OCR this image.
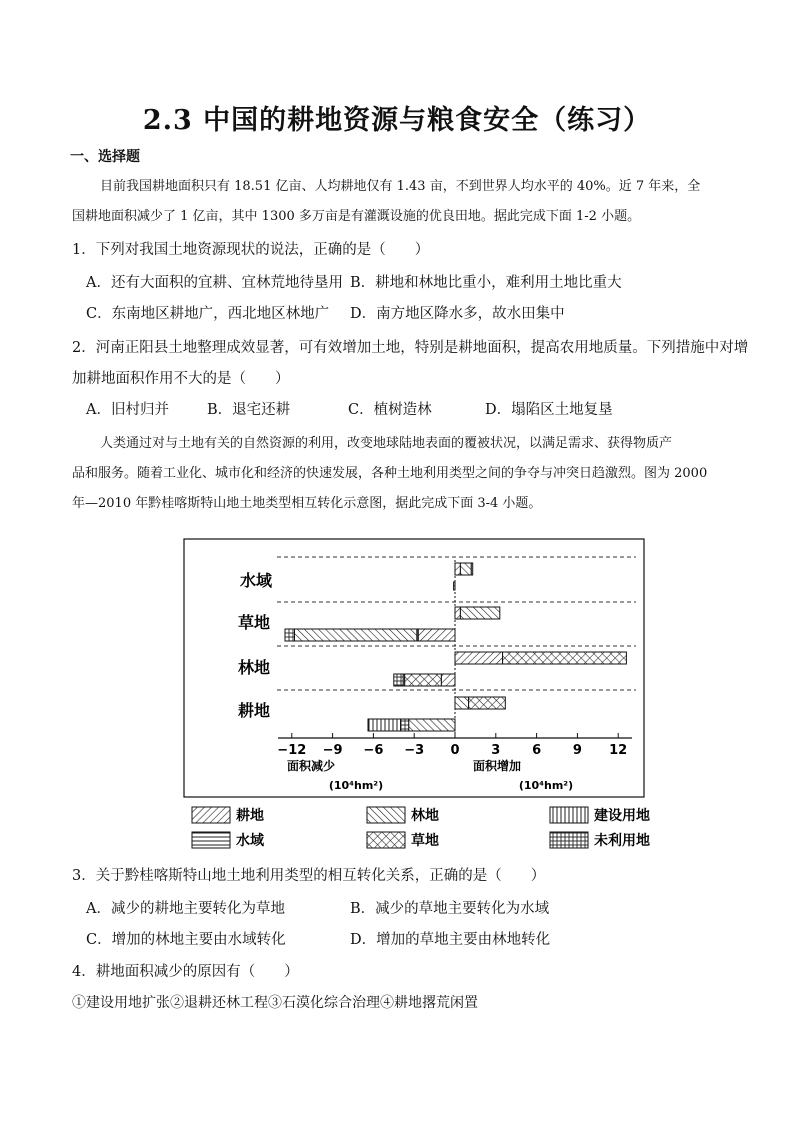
2.3 中国的耕地资源与粮食安全（练习）
一、选择题
目前我国耕地面积只有 18.51 亿亩、人均耕地仅有 1.43 亩，不到世界人均水平的 40%。近 7 年来，全
国耕地面积减少了 1 亿亩，其中 1300 多万亩是有灌溉设施的优良田地。据此完成下面 1-2 小题。
1．下列对我国土地资源现状的说法，正确的是（　　）
A．还有大面积的宜耕、宜林荒地待垦用 B．耕地和林地比重小，难利用土地比重大
C．东南地区耕地广，西北地区林地广 D．南方地区降水多，故水田集中
2．河南正阳县土地整理成效显著，可有效增加土地，特别是耕地面积，提高农用地质量。下列措施中对增
加耕地面积作用不大的是（　　）
A．旧村归并	B．退宅还耕	C．植树造林	D．塌陷区土地复垦
人类通过对与土地有关的自然资源的利用，改变地球陆地表面的覆被状况，以满足需求、获得物质产
品和服务。随着工业化、城市化和经济的快速发展，各种土地利用类型之间的争夺与冲突日趋激烈。图为 2000
年—2010 年黔桂喀斯特山地土地类型相互转化示意图，据此完成下面 3-4 小题。
水域
草地
林地
耕地
−12 −9 −6 −3 0 3 6 9 12
面积减少	面积增加
(10⁴hm²)	(10⁴hm²)
耕地	林地	建设用地
水域	草地	未利用地
3．关于黔桂喀斯特山地土地利用类型的相互转化关系，正确的是（　　）
A．减少的耕地主要转化为草地	B．减少的草地主要转化为水域
C．增加的林地主要由水域转化	D．增加的草地主要由林地转化
4．耕地面积减少的原因有（　　）
①建设用地扩张②退耕还林工程③石漠化综合治理④耕地撂荒闲置
